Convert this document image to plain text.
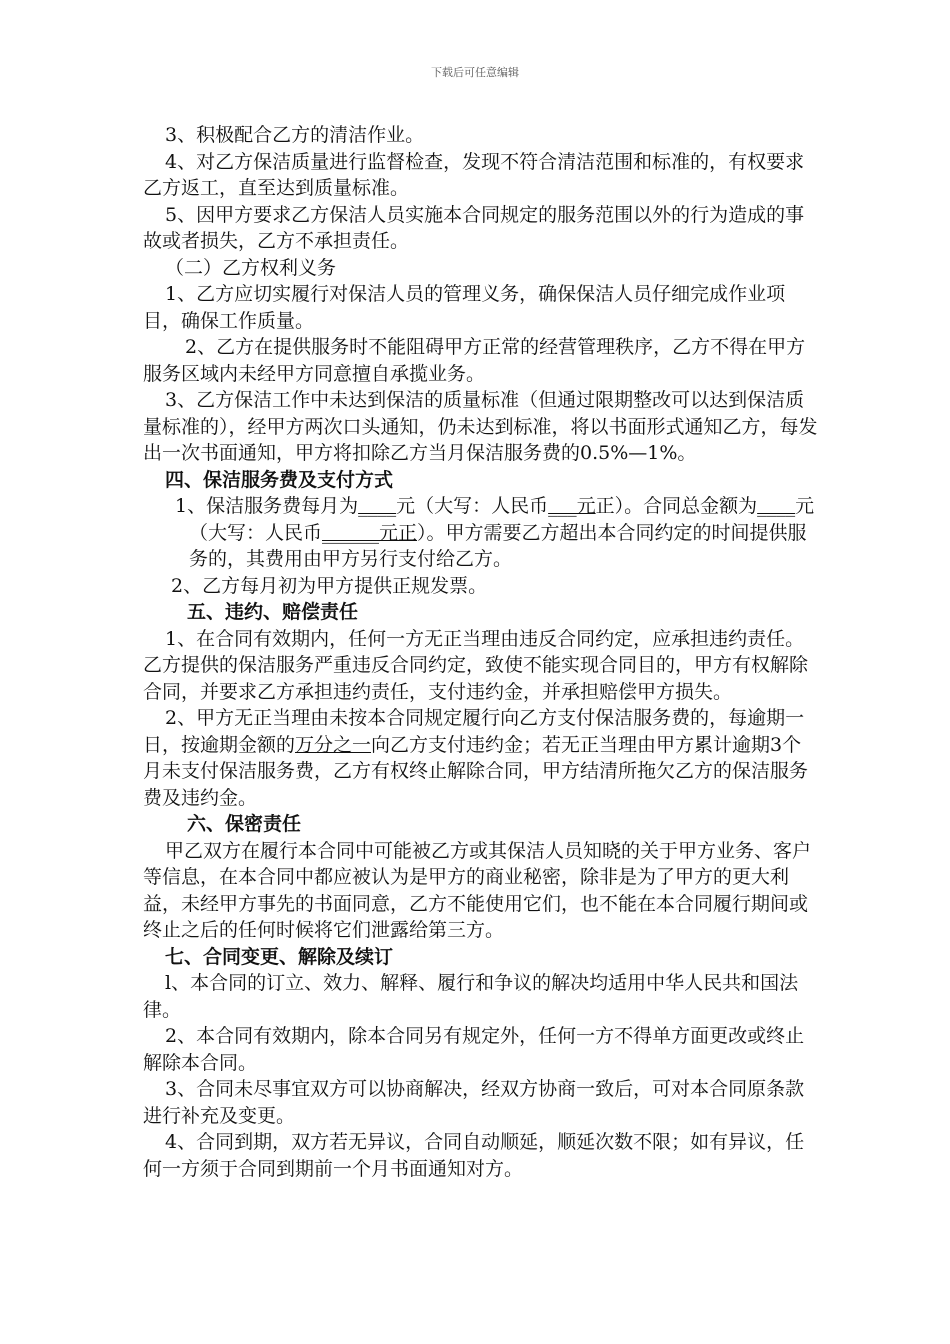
下载后可任意编辑

3、积极配合乙方的清洁作业。

4、对乙方保洁质量进行监督检查，发现不符合清洁范围和标准的，有权要求乙方返工，直至达到质量标准。

5、因甲方要求乙方保洁人员实施本合同规定的服务范围以外的行为造成的事故或者损失，乙方不承担责任。

（二）乙方权利义务

1、乙方应切实履行对保洁人员的管理义务，确保保洁人员仔细完成作业项目，确保工作质量。

2、乙方在提供服务时不能阻碍甲方正常的经营管理秩序，乙方不得在甲方服务区域内未经甲方同意擅自承揽业务。

3、乙方保洁工作中未达到保洁的质量标准（但通过限期整改可以达到保洁质量标准的），经甲方两次口头通知，仍未达到标准，将以书面形式通知乙方，每发出一次书面通知，甲方将扣除乙方当月保洁服务费的0.5%—1%。

四、保洁服务费及支付方式

1、保洁服务费每月为____元（大写：人民币___元正）。合同总金额为____元（大写：人民币______元正）。甲方需要乙方超出本合同约定的时间提供服务的，其费用由甲方另行支付给乙方。

2、乙方每月初为甲方提供正规发票。

五、违约、赔偿责任

1、在合同有效期内，任何一方无正当理由违反合同约定，应承担违约责任。乙方提供的保洁服务严重违反合同约定，致使不能实现合同目的，甲方有权解除合同，并要求乙方承担违约责任，支付违约金，并承担赔偿甲方损失。

2、甲方无正当理由未按本合同规定履行向乙方支付保洁服务费的，每逾期一日，按逾期金额的万分之一向乙方支付违约金；若无正当理由甲方累计逾期3个月未支付保洁服务费，乙方有权终止解除合同，甲方结清所拖欠乙方的保洁服务费及违约金。

六、保密责任

甲乙双方在履行本合同中可能被乙方或其保洁人员知晓的关于甲方业务、客户等信息，在本合同中都应被认为是甲方的商业秘密，除非是为了甲方的更大利益，未经甲方事先的书面同意，乙方不能使用它们，也不能在本合同履行期间或终止之后的任何时候将它们泄露给第三方。

七、合同变更、解除及续订

l、本合同的订立、效力、解释、履行和争议的解决均适用中华人民共和国法律。

2、本合同有效期内，除本合同另有规定外，任何一方不得单方面更改或终止解除本合同。

3、合同未尽事宜双方可以协商解决，经双方协商一致后，可对本合同原条款进行补充及变更。

4、合同到期，双方若无异议，合同自动顺延，顺延次数不限；如有异议，任何一方须于合同到期前一个月书面通知对方。
